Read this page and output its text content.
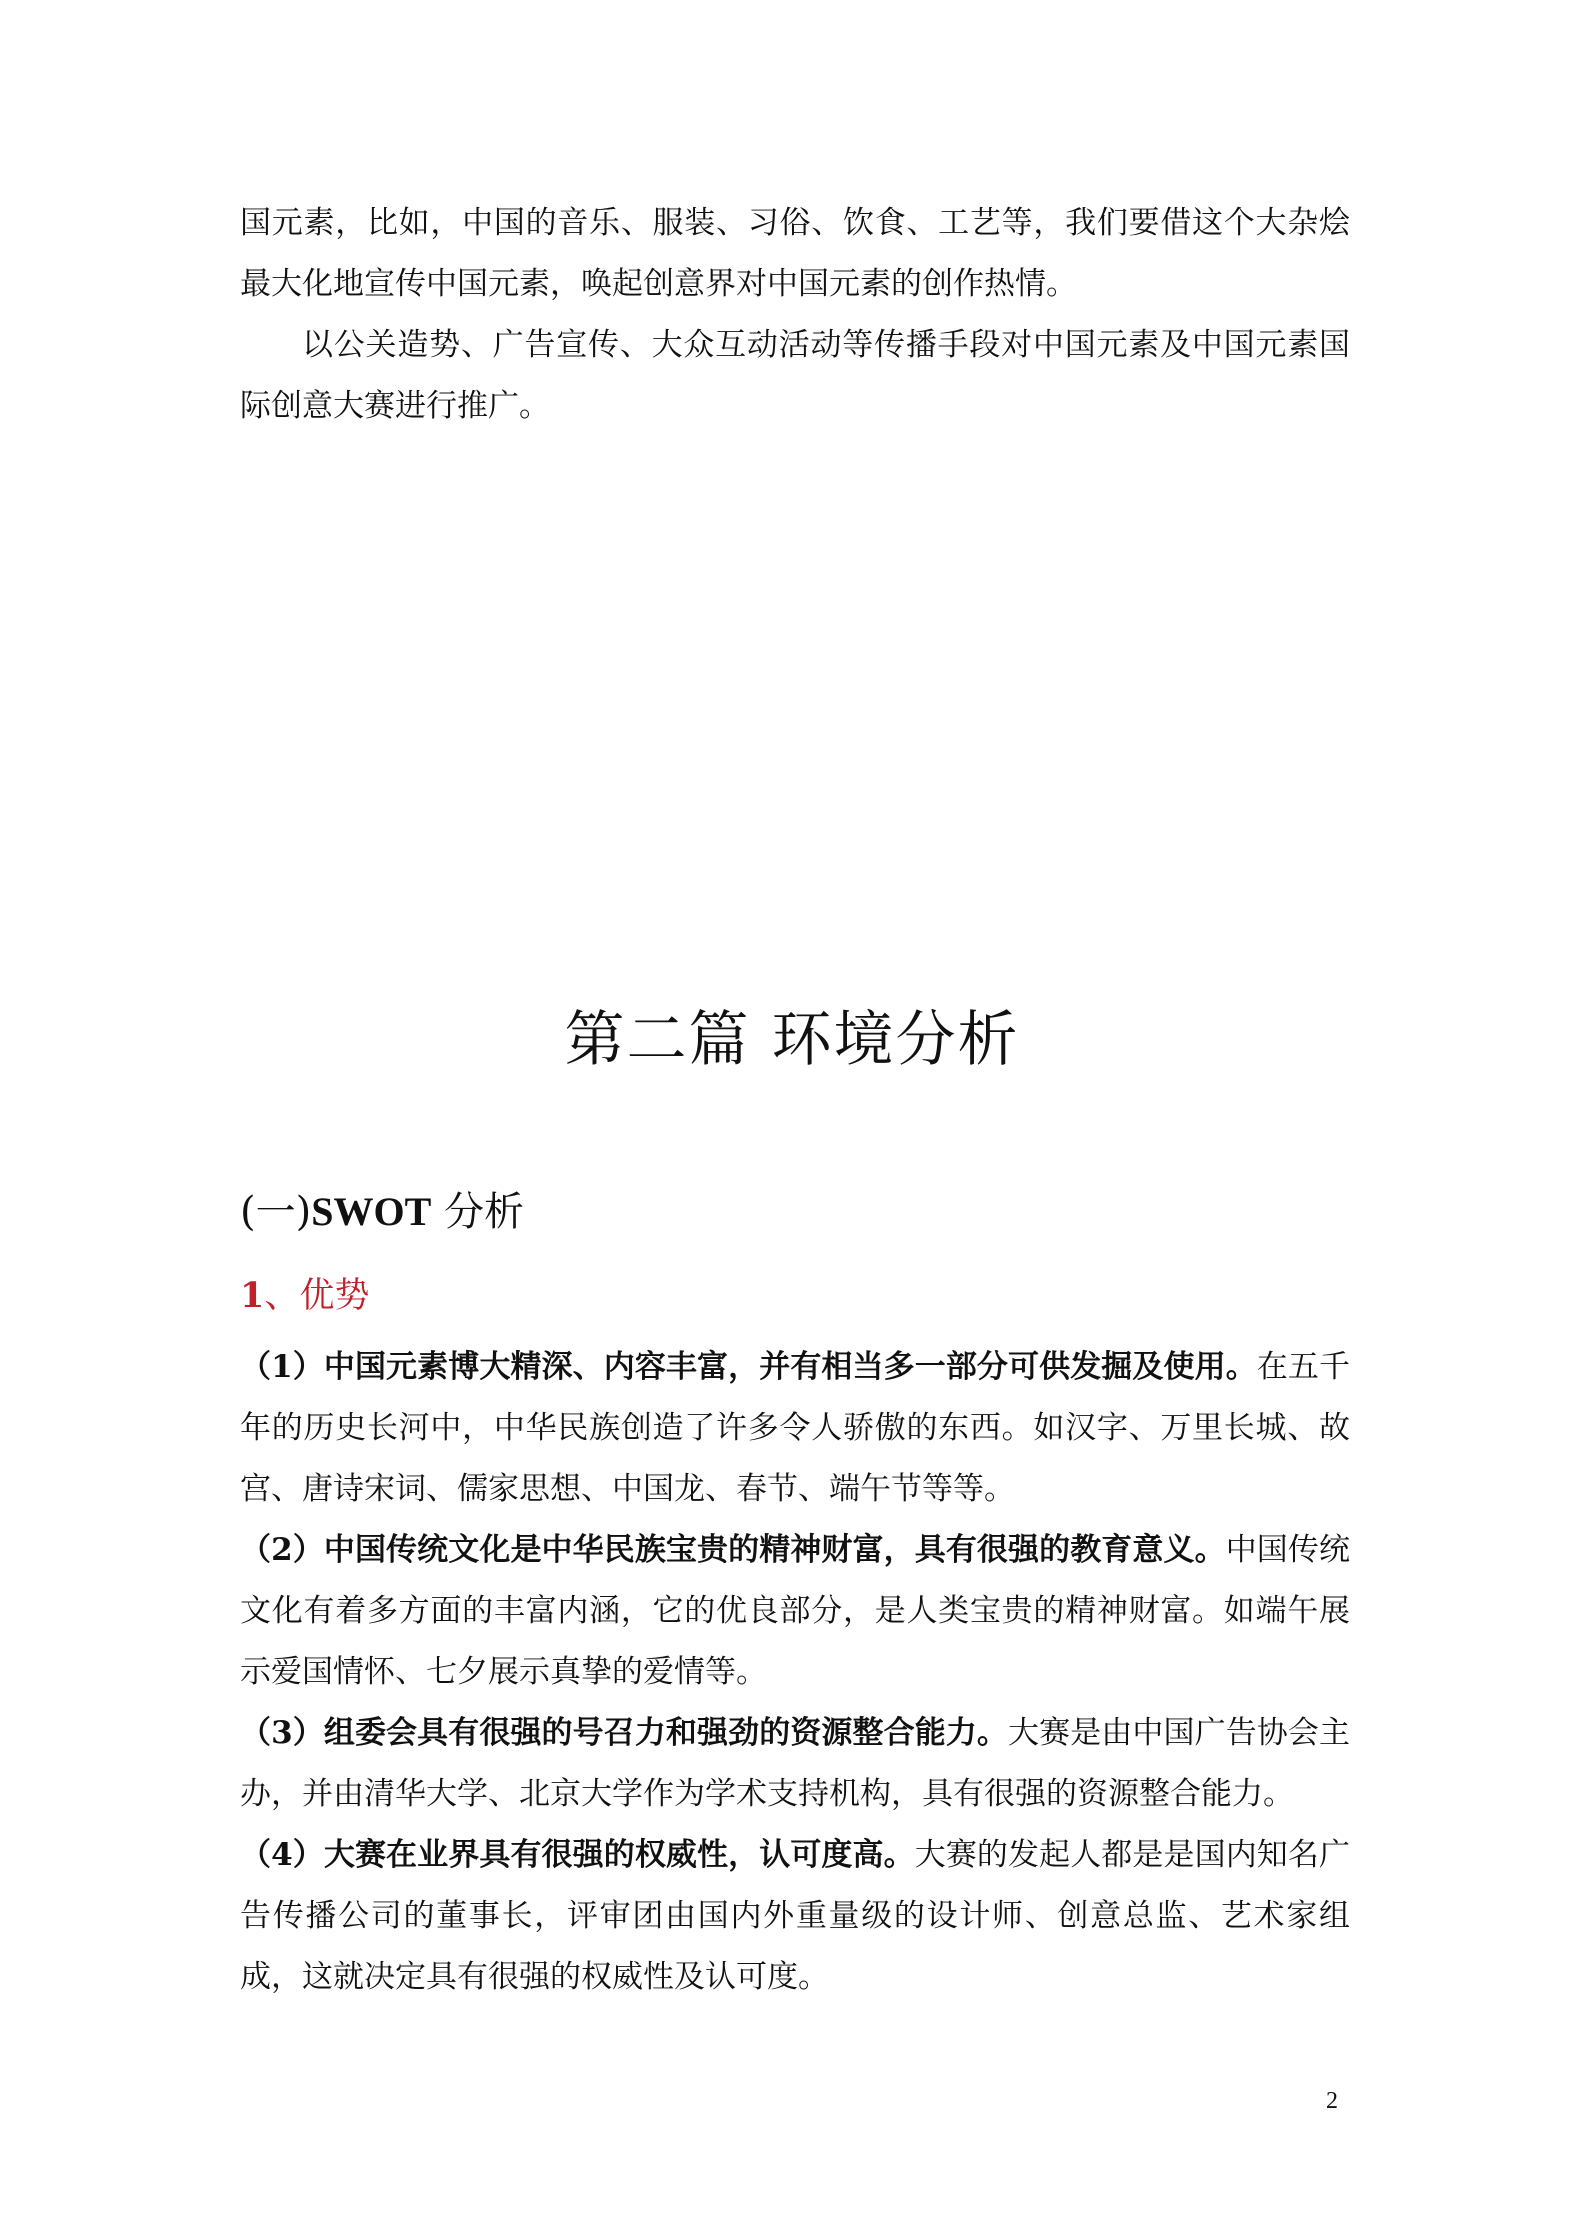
国元素，比如，中国的音乐、服装、习俗、饮食、工艺等，我们要借这个大杂烩最大化地宣传中国元素，唤起创意界对中国元素的创作热情。

以公关造势、广告宣传、大众互动活动等传播手段对中国元素及中国元素国际创意大赛进行推广。

第二篇 环境分析
(一)SWOT 分析
1、优势

（1）中国元素博大精深、内容丰富，并有相当多一部分可供发掘及使用。在五千年的历史长河中，中华民族创造了许多令人骄傲的东西。如汉字、万里长城、故宫、唐诗宋词、儒家思想、中国龙、春节、端午节等等。

（2）中国传统文化是中华民族宝贵的精神财富，具有很强的教育意义。中国传统文化有着多方面的丰富内涵，它的优良部分，是人类宝贵的精神财富。如端午展示爱国情怀、七夕展示真挚的爱情等。

（3）组委会具有很强的号召力和强劲的资源整合能力。大赛是由中国广告协会主办，并由清华大学、北京大学作为学术支持机构，具有很强的资源整合能力。

（4）大赛在业界具有很强的权威性，认可度高。大赛的发起人都是是国内知名广告传播公司的董事长，评审团由国内外重量级的设计师、创意总监、艺术家组成，这就决定具有很强的权威性及认可度。

2
